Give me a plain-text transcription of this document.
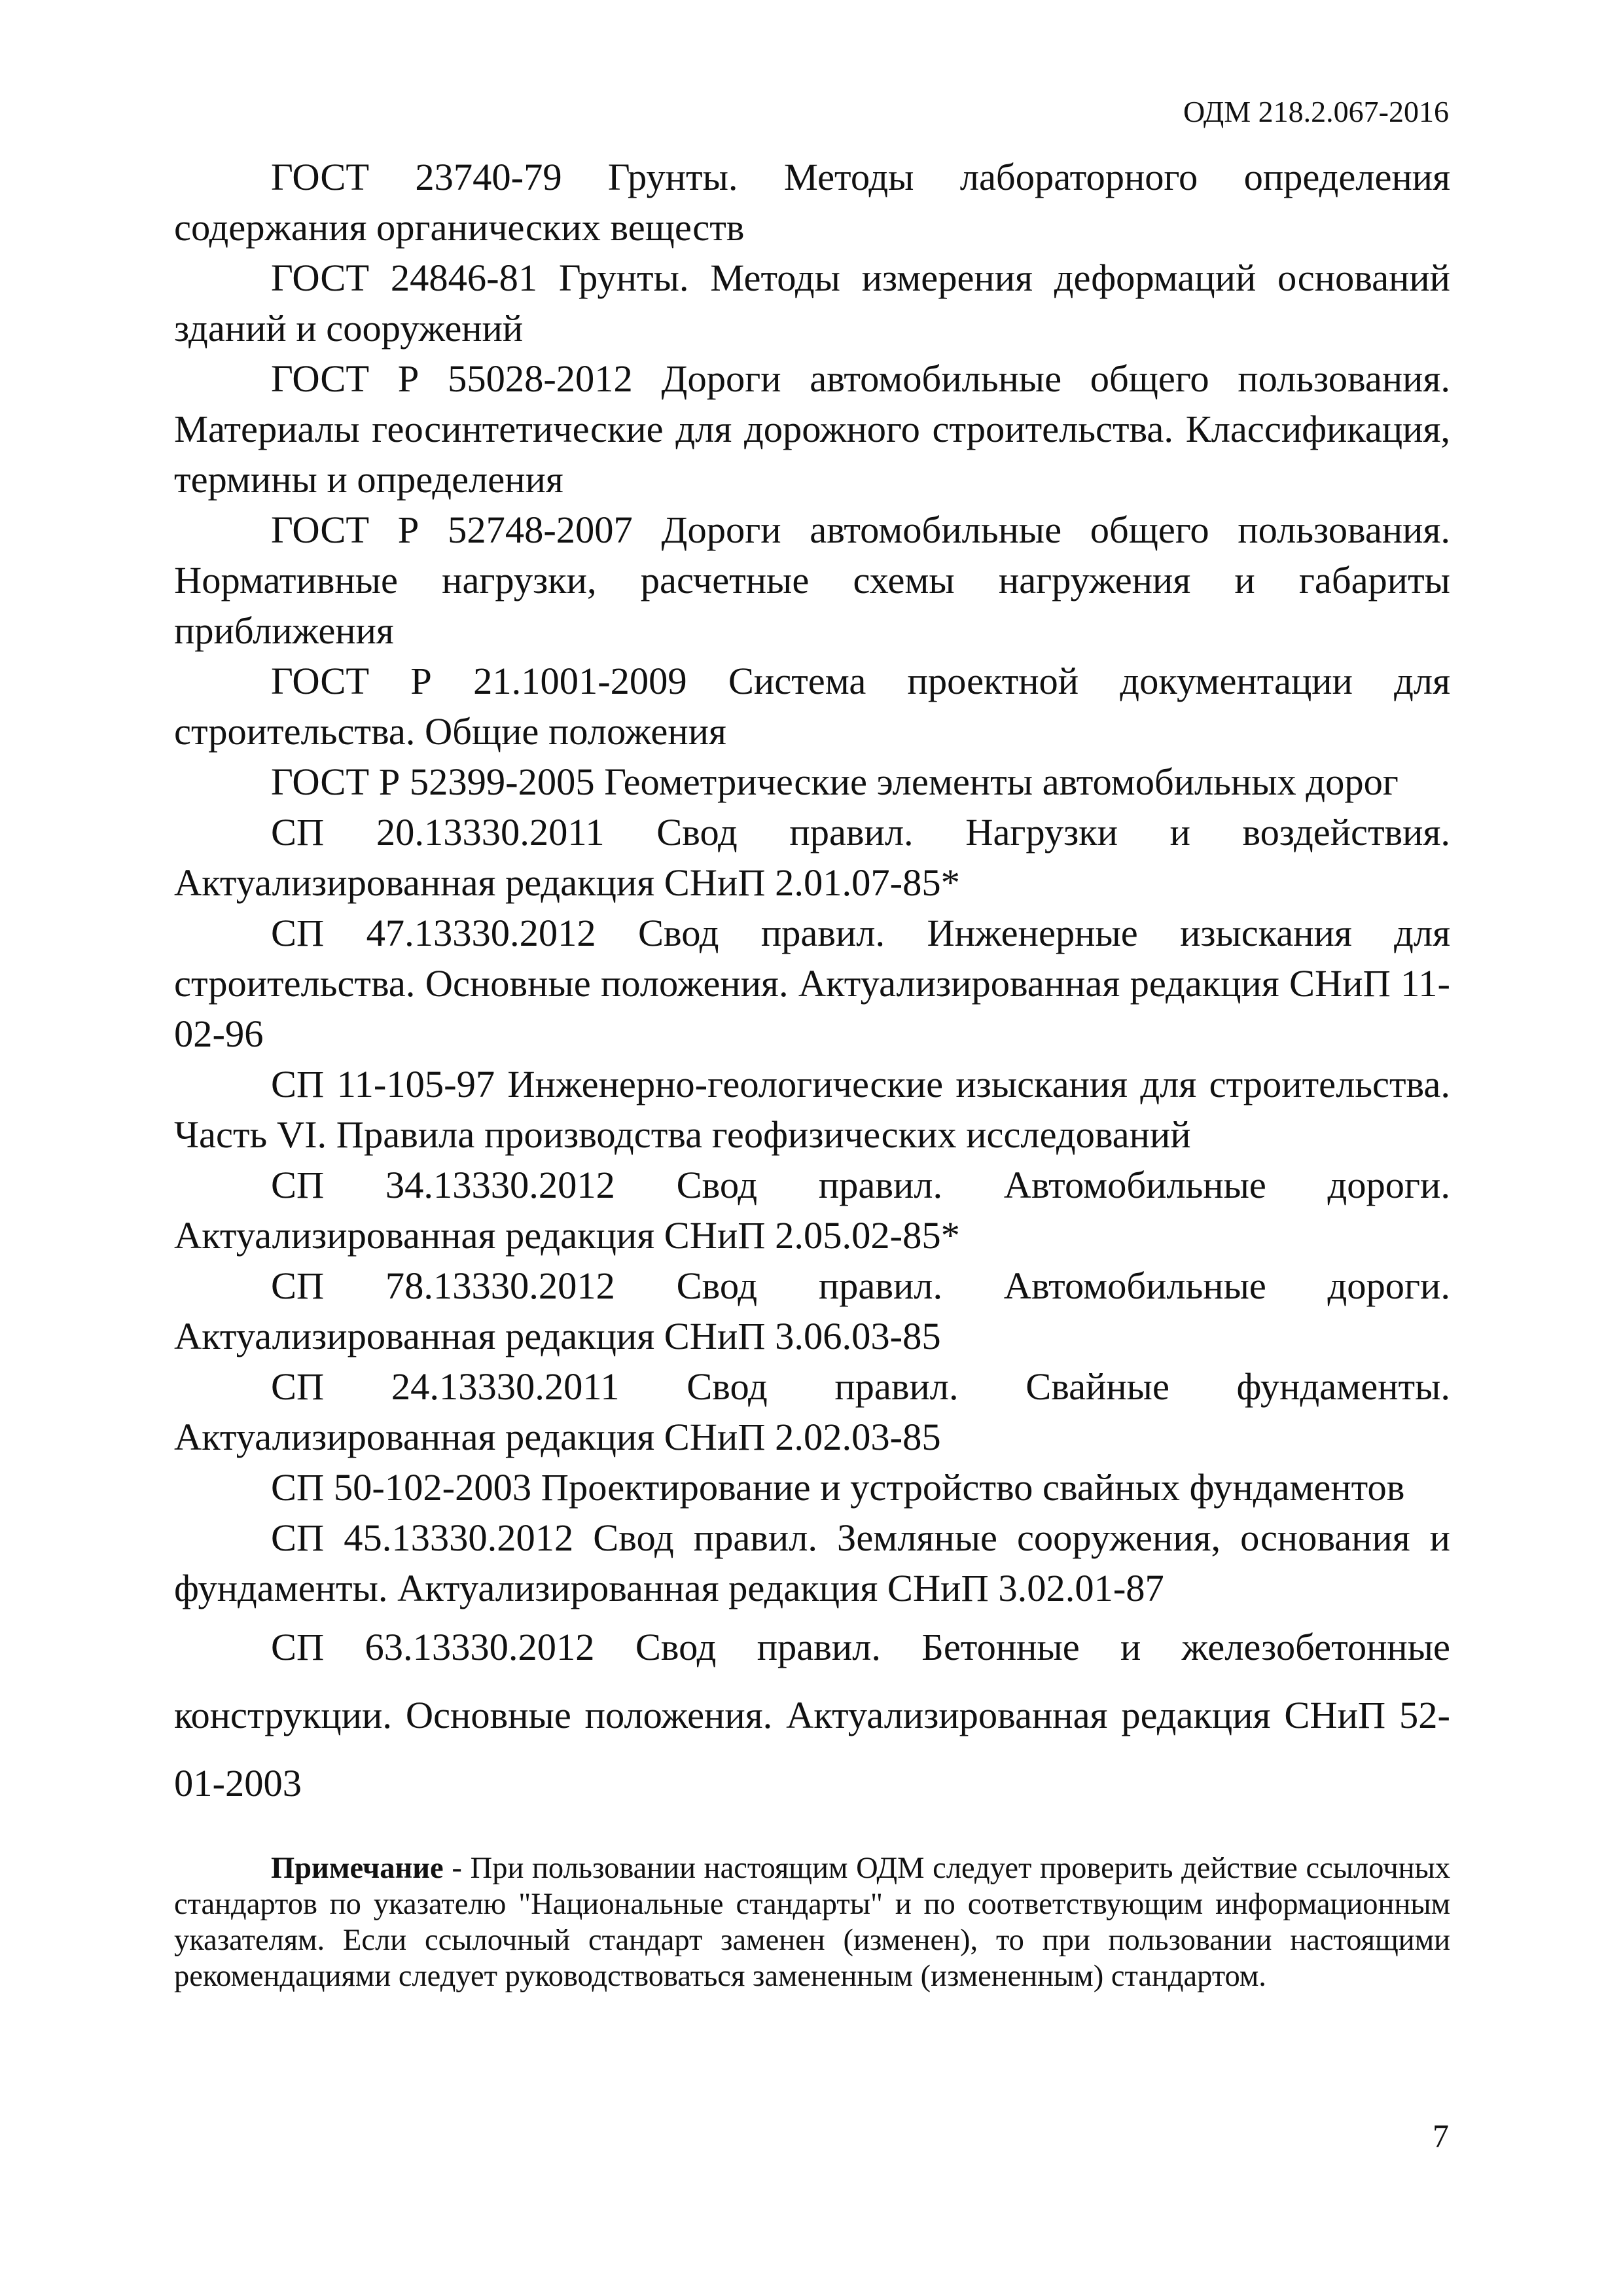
ОДМ 218.2.067-2016

ГОСТ 23740-79 Грунты. Методы лабораторного определения содержания органических веществ

ГОСТ 24846-81 Грунты. Методы измерения деформаций оснований зданий и сооружений

ГОСТ Р 55028-2012 Дороги автомобильные общего пользования. Материалы геосинтетические для дорожного строительства. Классификация, термины и определения

ГОСТ Р 52748-2007 Дороги автомобильные общего пользования. Нормативные нагрузки, расчетные схемы нагружения и габариты приближения

ГОСТ Р 21.1001-2009 Система проектной документации для строительства. Общие положения

ГОСТ Р 52399-2005 Геометрические элементы автомобильных дорог

СП 20.13330.2011 Свод правил. Нагрузки и воздействия. Актуализированная редакция СНиП 2.01.07-85*

СП 47.13330.2012 Свод правил. Инженерные изыскания для строительства. Основные положения. Актуализированная редакция СНиП 11-02-96

СП 11-105-97 Инженерно-геологические изыскания для строительства. Часть VI. Правила производства геофизических исследований

СП 34.13330.2012 Свод правил. Автомобильные дороги. Актуализированная редакция СНиП 2.05.02-85*

СП 78.13330.2012 Свод правил. Автомобильные дороги. Актуализированная редакция СНиП 3.06.03-85

СП 24.13330.2011 Свод правил. Свайные фундаменты. Актуализированная редакция СНиП 2.02.03-85

СП 50-102-2003 Проектирование и устройство свайных фундаментов

СП 45.13330.2012 Свод правил. Земляные сооружения, основания и фундаменты. Актуализированная редакция СНиП 3.02.01-87

СП 63.13330.2012 Свод правил. Бетонные и железобетонные конструкции. Основные положения. Актуализированная редакция СНиП 52-01-2003

Примечание - При пользовании настоящим ОДМ следует проверить действие ссылочных стандартов по указателю "Национальные стандарты" и по соответствующим информационным указателям. Если ссылочный стандарт заменен (изменен), то при пользовании настоящими рекомендациями следует руководствоваться замененным (измененным) стандартом.

7
